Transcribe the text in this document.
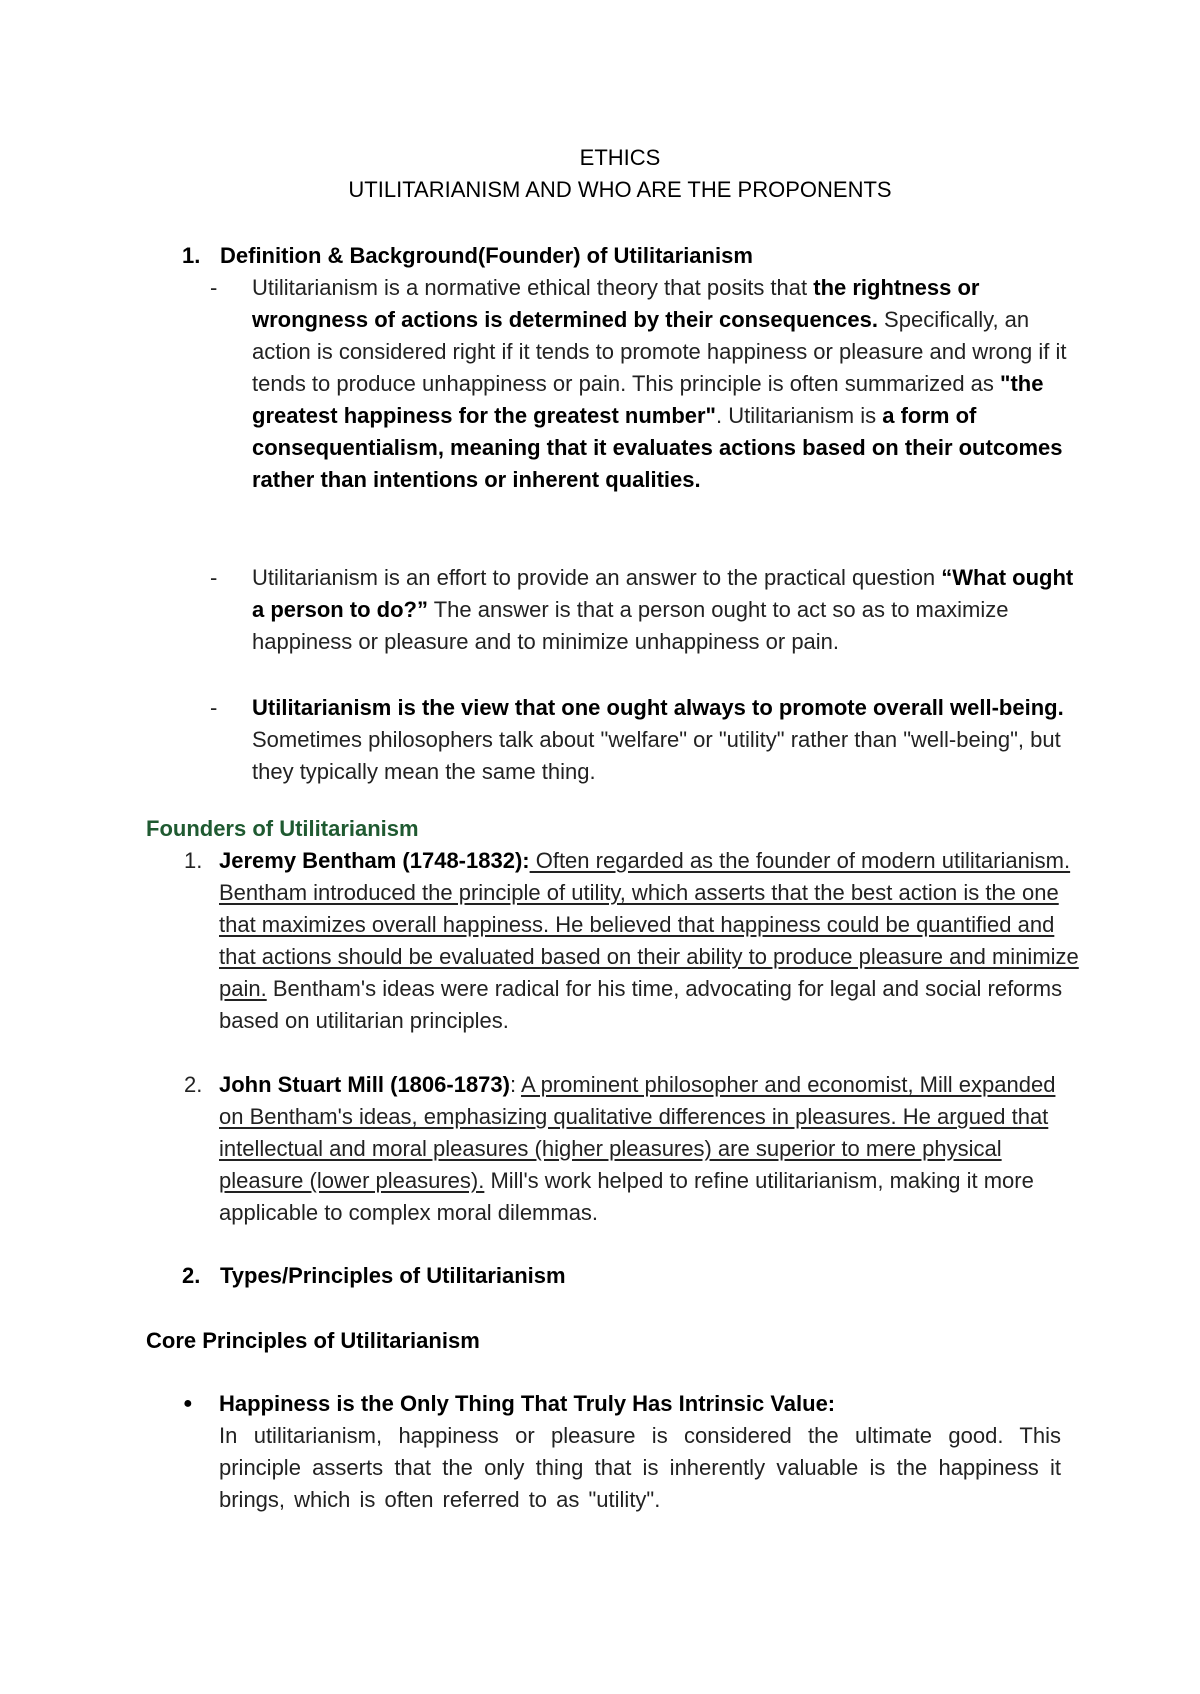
ETHICS
UTILITARIANISM AND WHO ARE THE PROPONENTS
1. Definition & Background(Founder) of Utilitarianism
- Utilitarianism is a normative ethical theory that posits that the rightness or wrongness of actions is determined by their consequences. Specifically, an action is considered right if it tends to promote happiness or pleasure and wrong if it tends to produce unhappiness or pain. This principle is often summarized as "the greatest happiness for the greatest number". Utilitarianism is a form of consequentialism, meaning that it evaluates actions based on their outcomes rather than intentions or inherent qualities.
- Utilitarianism is an effort to provide an answer to the practical question “What ought a person to do?” The answer is that a person ought to act so as to maximize happiness or pleasure and to minimize unhappiness or pain.
- Utilitarianism is the view that one ought always to promote overall well-being. Sometimes philosophers talk about "welfare" or "utility" rather than "well-being", but they typically mean the same thing.
Founders of Utilitarianism
1. Jeremy Bentham (1748-1832): Often regarded as the founder of modern utilitarianism. Bentham introduced the principle of utility, which asserts that the best action is the one that maximizes overall happiness. He believed that happiness could be quantified and that actions should be evaluated based on their ability to produce pleasure and minimize pain. Bentham's ideas were radical for his time, advocating for legal and social reforms based on utilitarian principles.
2. John Stuart Mill (1806-1873): A prominent philosopher and economist, Mill expanded on Bentham's ideas, emphasizing qualitative differences in pleasures. He argued that intellectual and moral pleasures (higher pleasures) are superior to mere physical pleasure (lower pleasures). Mill's work helped to refine utilitarianism, making it more applicable to complex moral dilemmas.
2. Types/Principles of Utilitarianism
Core Principles of Utilitarianism
● Happiness is the Only Thing That Truly Has Intrinsic Value:
In utilitarianism, happiness or pleasure is considered the ultimate good. This principle asserts that the only thing that is inherently valuable is the happiness it brings, which is often referred to as "utility".
